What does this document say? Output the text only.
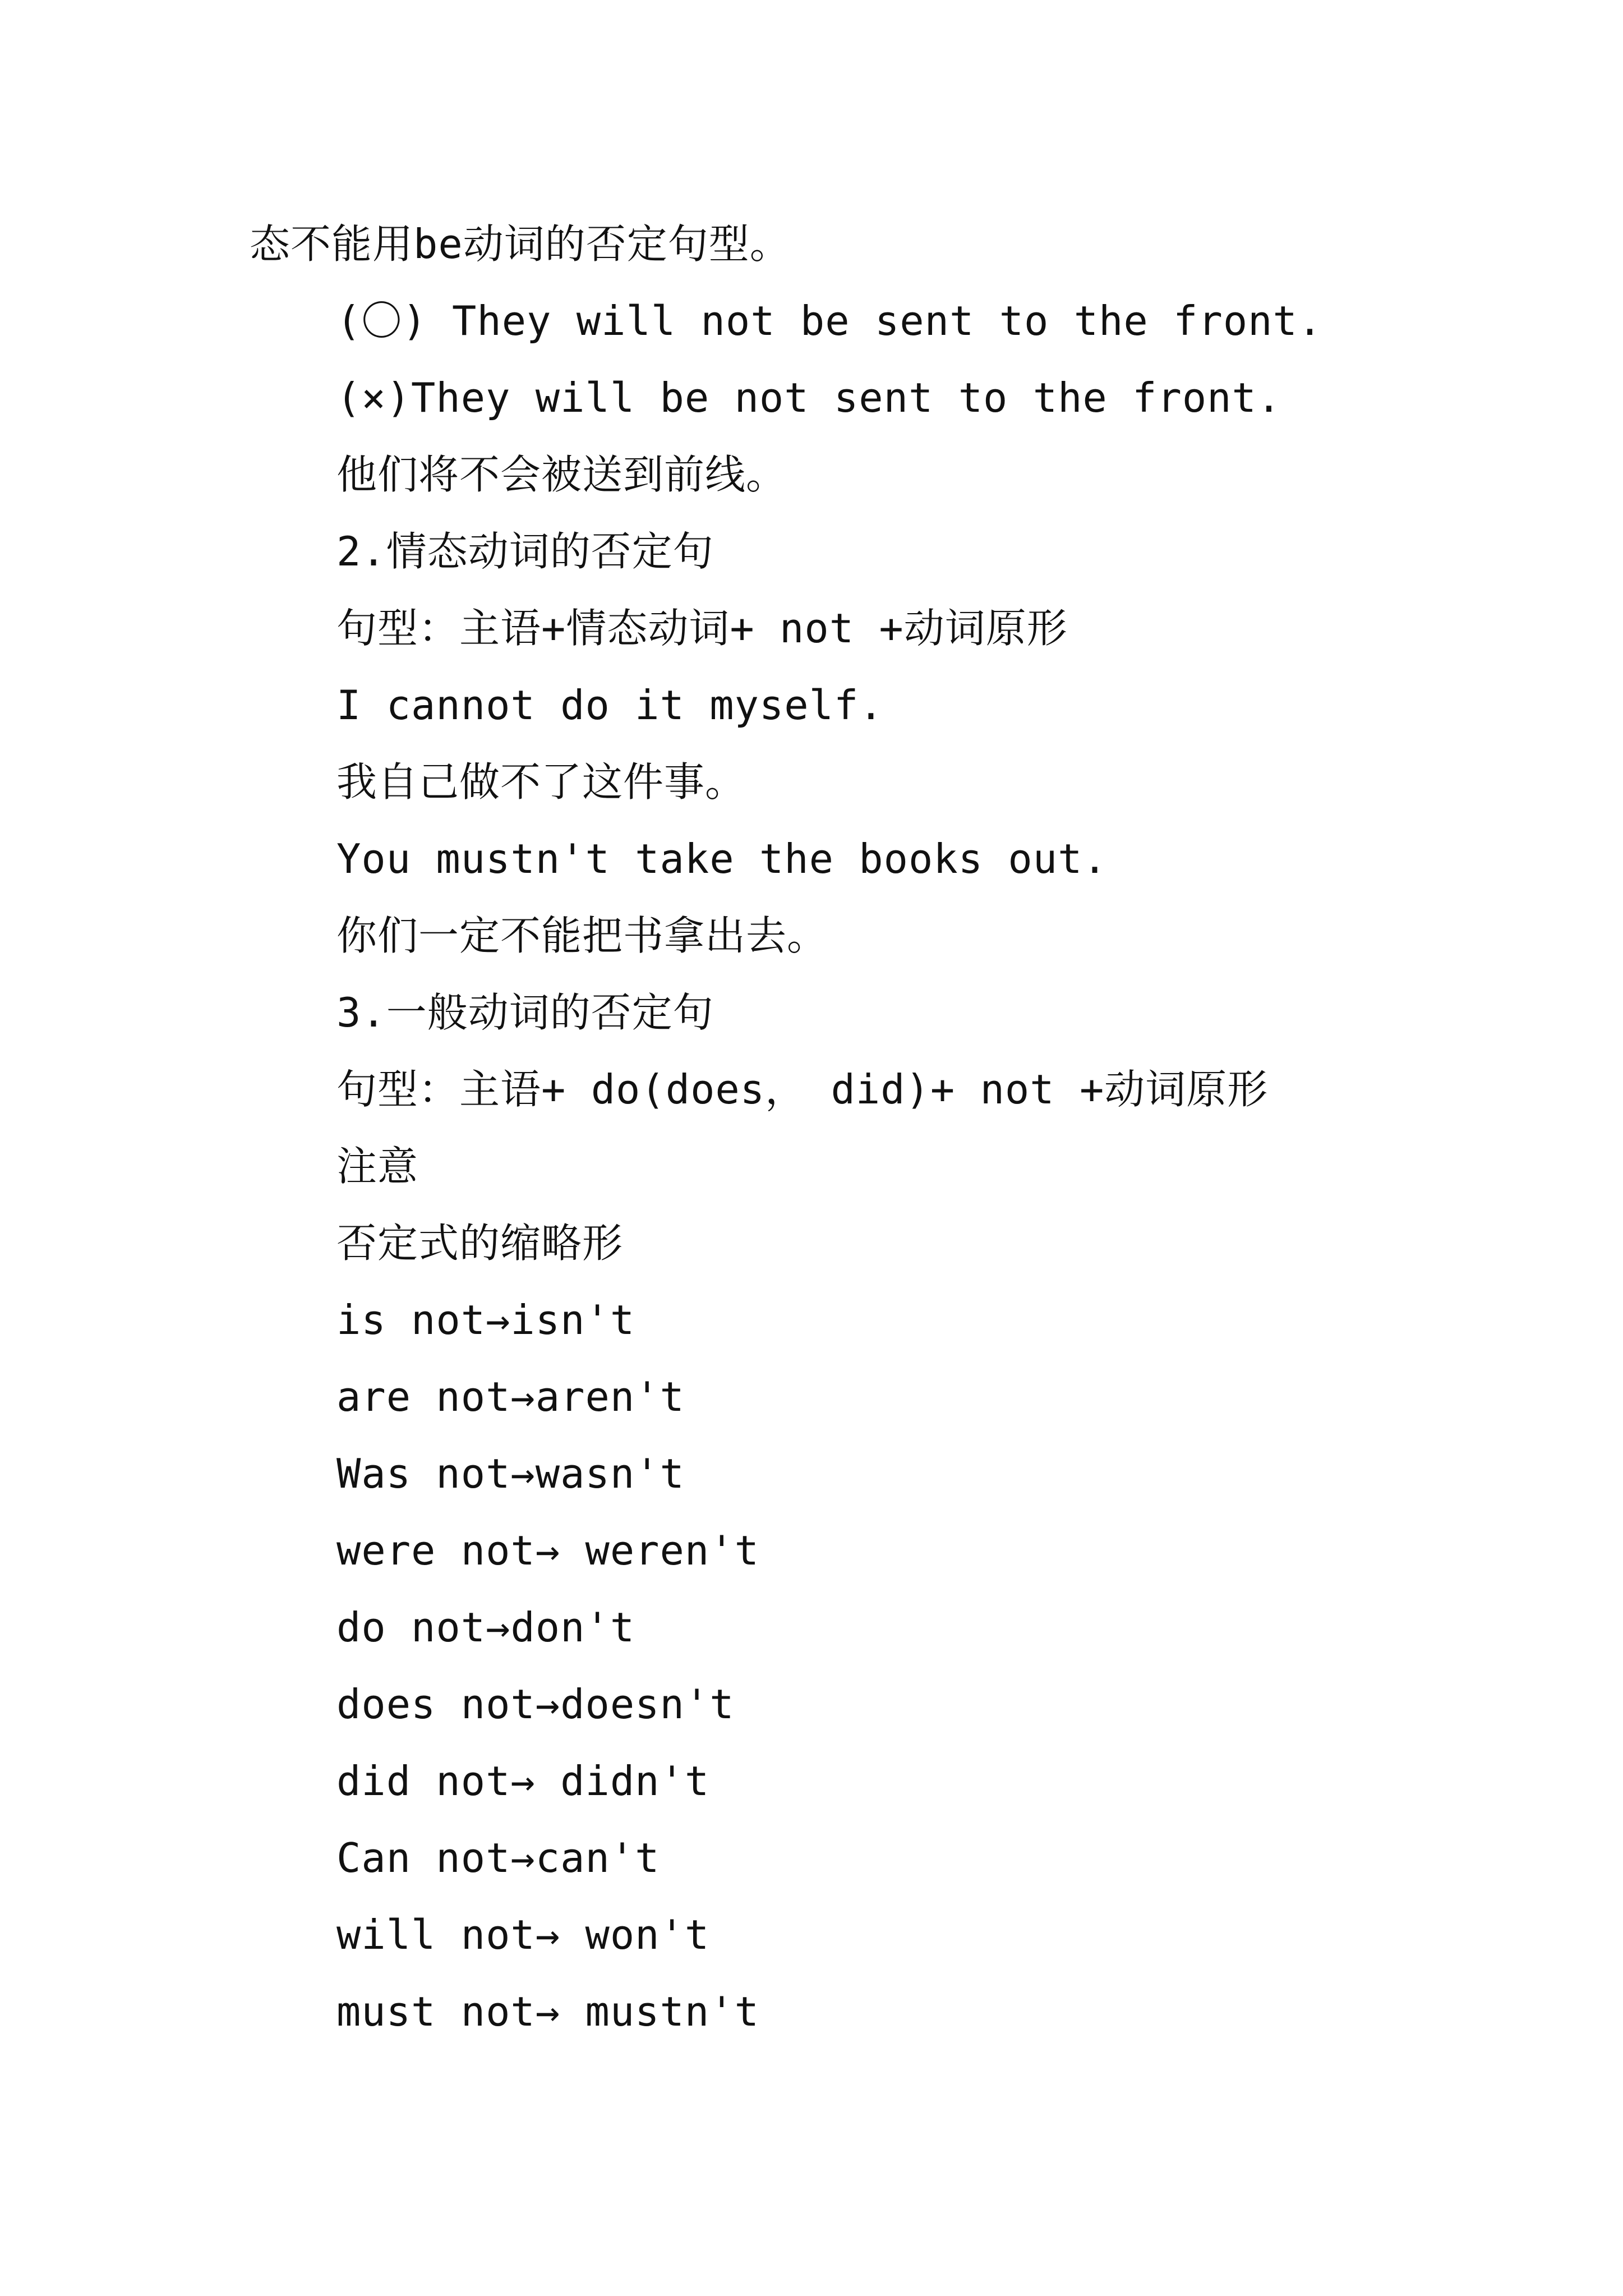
态不能用be动词的否定句型。
(〇) They will not be sent to the front.
(×)They will be not sent to the front.
他们将不会被送到前线。
2.情态动词的否定句
句型：主语+情态动词+ not +动词原形
I cannot do it myself.
我自己做不了这件事。
You mustn't take the books out.
你们一定不能把书拿出去。
3.一般动词的否定句
句型：主语+ do(does， did)+ not +动词原形
注意
否定式的缩略形
is not→isn't
are not→aren't
Was not→wasn't
were not→ weren't
do not→don't
does not→doesn't
did not→ didn't
Can not→can't
will not→ won't
must not→ mustn't
